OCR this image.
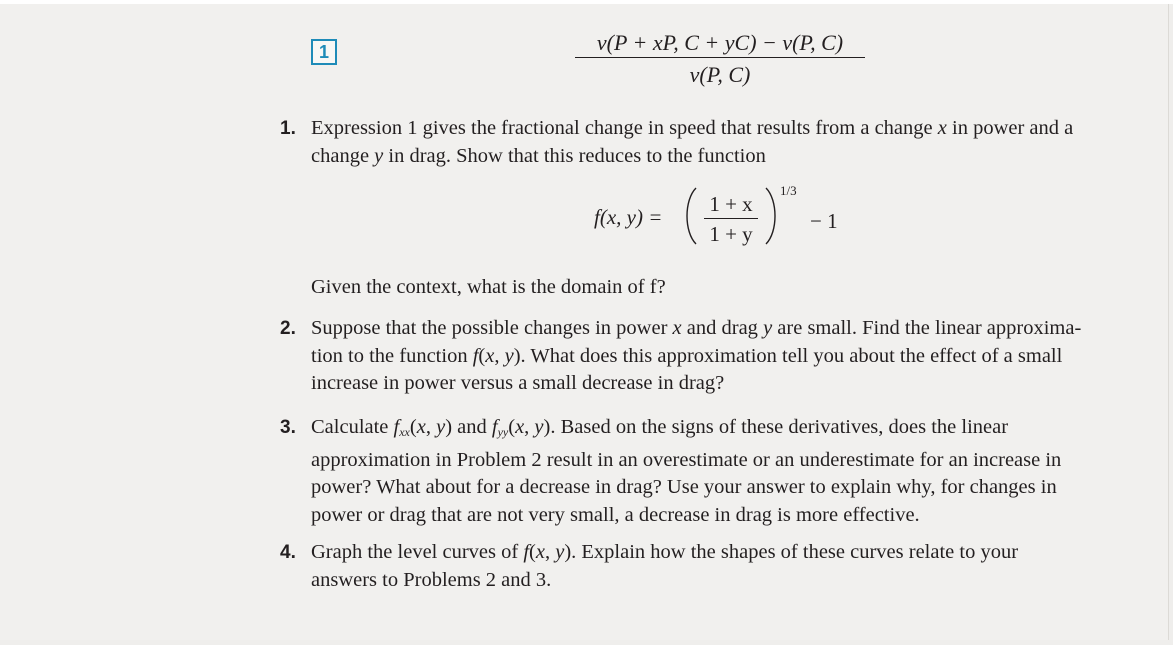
1	v(P + xP, C + yC) − v(P, C)
v(P, C)
1. Expression 1 gives the fractional change in speed that results from a change x in power and a
change y in drag. Show that this reduces to the function
f(x, y) =
1 + x
1 + y
1/3
− 1
Given the context, what is the domain of f?
2. Suppose that the possible changes in power x and drag y are small. Find the linear approxima-
tion to the function f(x, y). What does this approximation tell you about the effect of a small
increase in power versus a small decrease in drag?
3. Calculate $f_{xx}(x$, y) and $f_{yy}(x$, y). Based on the signs of these derivatives, does the linear
approximation in Problem 2 result in an overestimate or an underestimate for an increase in
power? What about for a decrease in drag? Use your answer to explain why, for changes in
power or drag that are not very small, a decrease in drag is more effective.
4. Graph the level curves of f(x, y). Explain how the shapes of these curves relate to your
answers to Problems 2 and 3.
